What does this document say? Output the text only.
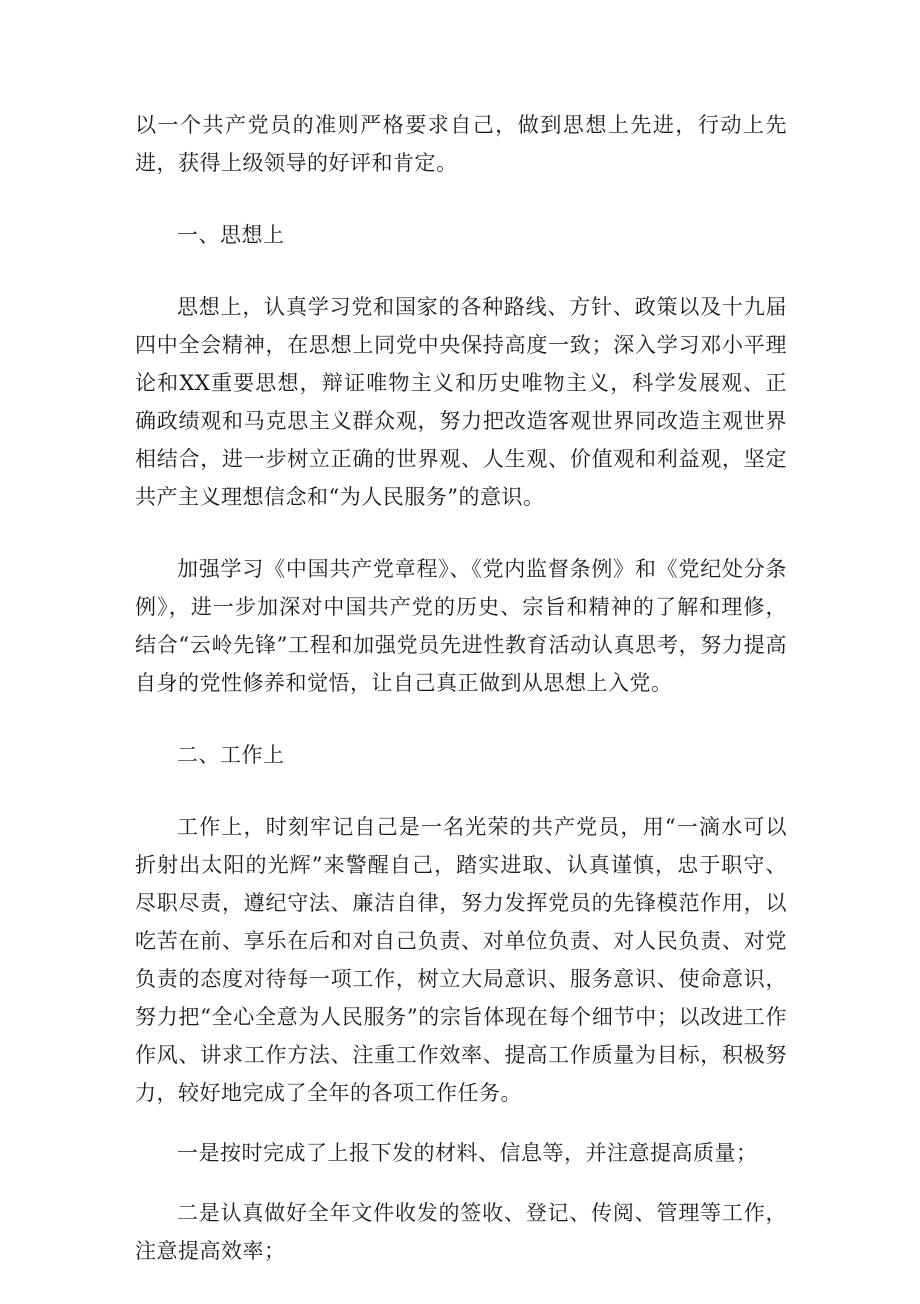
以一个共产党员的准则严格要求自己，做到思想上先进，行动上先进，获得上级领导的好评和肯定。

一、思想上

思想上，认真学习党和国家的各种路线、方针、政策以及十九届四中全会精神，在思想上同党中央保持高度一致；深入学习邓小平理论和XX重要思想，辩证唯物主义和历史唯物主义，科学发展观、正确政绩观和马克思主义群众观，努力把改造客观世界同改造主观世界相结合，进一步树立正确的世界观、人生观、价值观和利益观，坚定共产主义理想信念和“为人民服务”的意识。

加强学习《中国共产党章程》、《党内监督条例》和《党纪处分条例》，进一步加深对中国共产党的历史、宗旨和精神的了解和理修，结合“云岭先锋”工程和加强党员先进性教育活动认真思考，努力提高自身的党性修养和觉悟，让自己真正做到从思想上入党。

二、工作上

工作上，时刻牢记自己是一名光荣的共产党员，用“一滴水可以折射出太阳的光辉”来警醒自己，踏实进取、认真谨慎，忠于职守、尽职尽责，遵纪守法、廉洁自律，努力发挥党员的先锋模范作用，以吃苦在前、享乐在后和对自己负责、对单位负责、对人民负责、对党负责的态度对待每一项工作，树立大局意识、服务意识、使命意识，努力把“全心全意为人民服务”的宗旨体现在每个细节中；以改进工作作风、讲求工作方法、注重工作效率、提高工作质量为目标，积极努力，较好地完成了全年的各项工作任务。

一是按时完成了上报下发的材料、信息等，并注意提高质量；

二是认真做好全年文件收发的签收、登记、传阅、管理等工作，注意提高效率；
